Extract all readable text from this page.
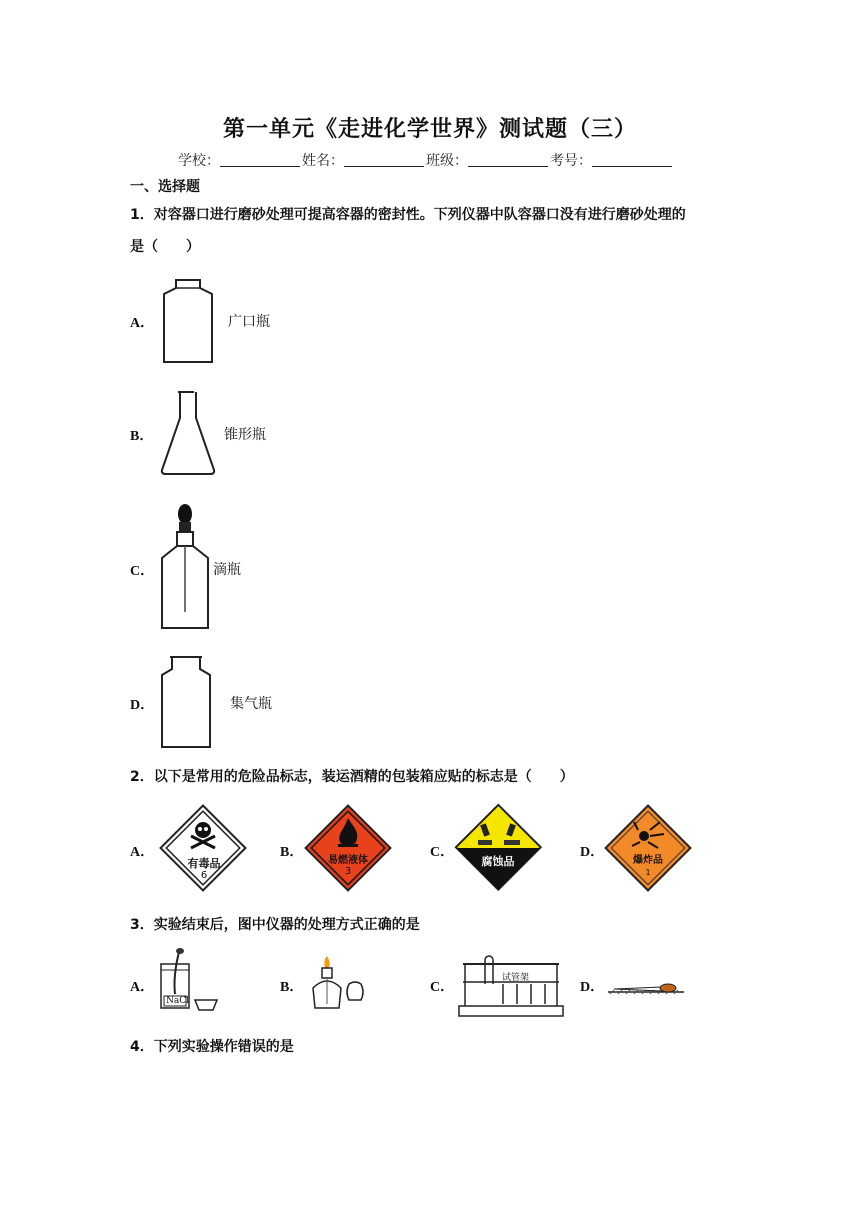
第一单元《走进化学世界》测试题（三）
学校：	姓名：	班级：	考号：
一、选择题
1．对容器口进行磨砂处理可提高容器的密封性。下列仪器中队容器口没有进行磨砂处理的
是（　　）
A．	广口瓶
B．	锥形瓶
C．	滴瓶
D．	集气瓶
2．以下是常用的危险品标志，装运酒精的包装箱应贴的标志是（　　）
A．
有毒品
6
B．
易燃液体
3
C．
腐蚀品
D．
爆炸品
1
3．实验结束后，图中仪器的处理方式正确的是
A．
NaCl
B．	C．
试管架
D．
4．下列实验操作错误的是
